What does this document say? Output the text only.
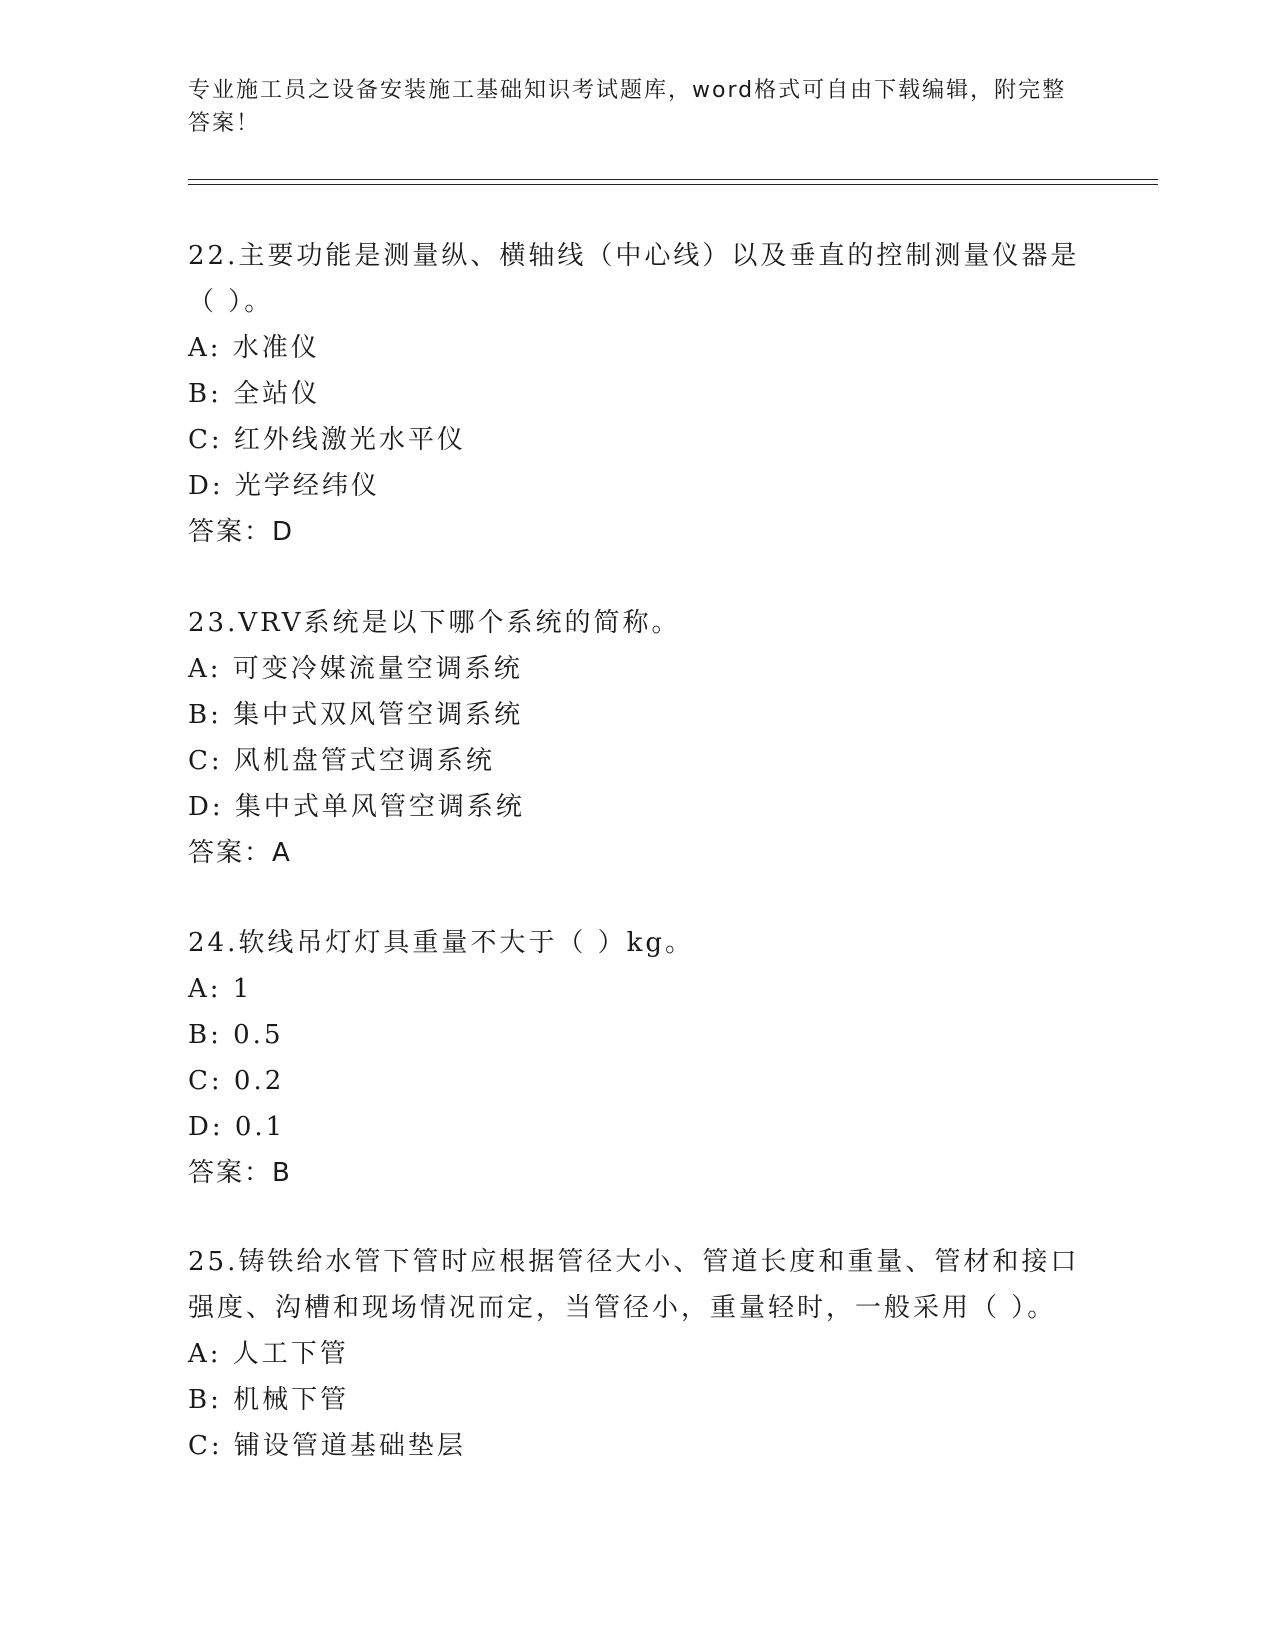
专业施工员之设备安装施工基础知识考试题库，word格式可自由下载编辑，附完整答案！

22.主要功能是测量纵、横轴线（中心线）以及垂直的控制测量仪器是（ ）。

A: 水准仪

B: 全站仪

C: 红外线激光水平仪

D: 光学经纬仪

答案：D

23.VRV系统是以下哪个系统的简称。

A: 可变冷媒流量空调系统

B: 集中式双风管空调系统

C: 风机盘管式空调系统

D: 集中式单风管空调系统

答案：A

24.软线吊灯灯具重量不大于（ ）kg。

A: 1

B: 0.5

C: 0.2

D: 0.1

答案：B

25.铸铁给水管下管时应根据管径大小、管道长度和重量、管材和接口强度、沟槽和现场情况而定，当管径小，重量轻时，一般采用（ ）。

A: 人工下管

B: 机械下管

C: 铺设管道基础垫层
